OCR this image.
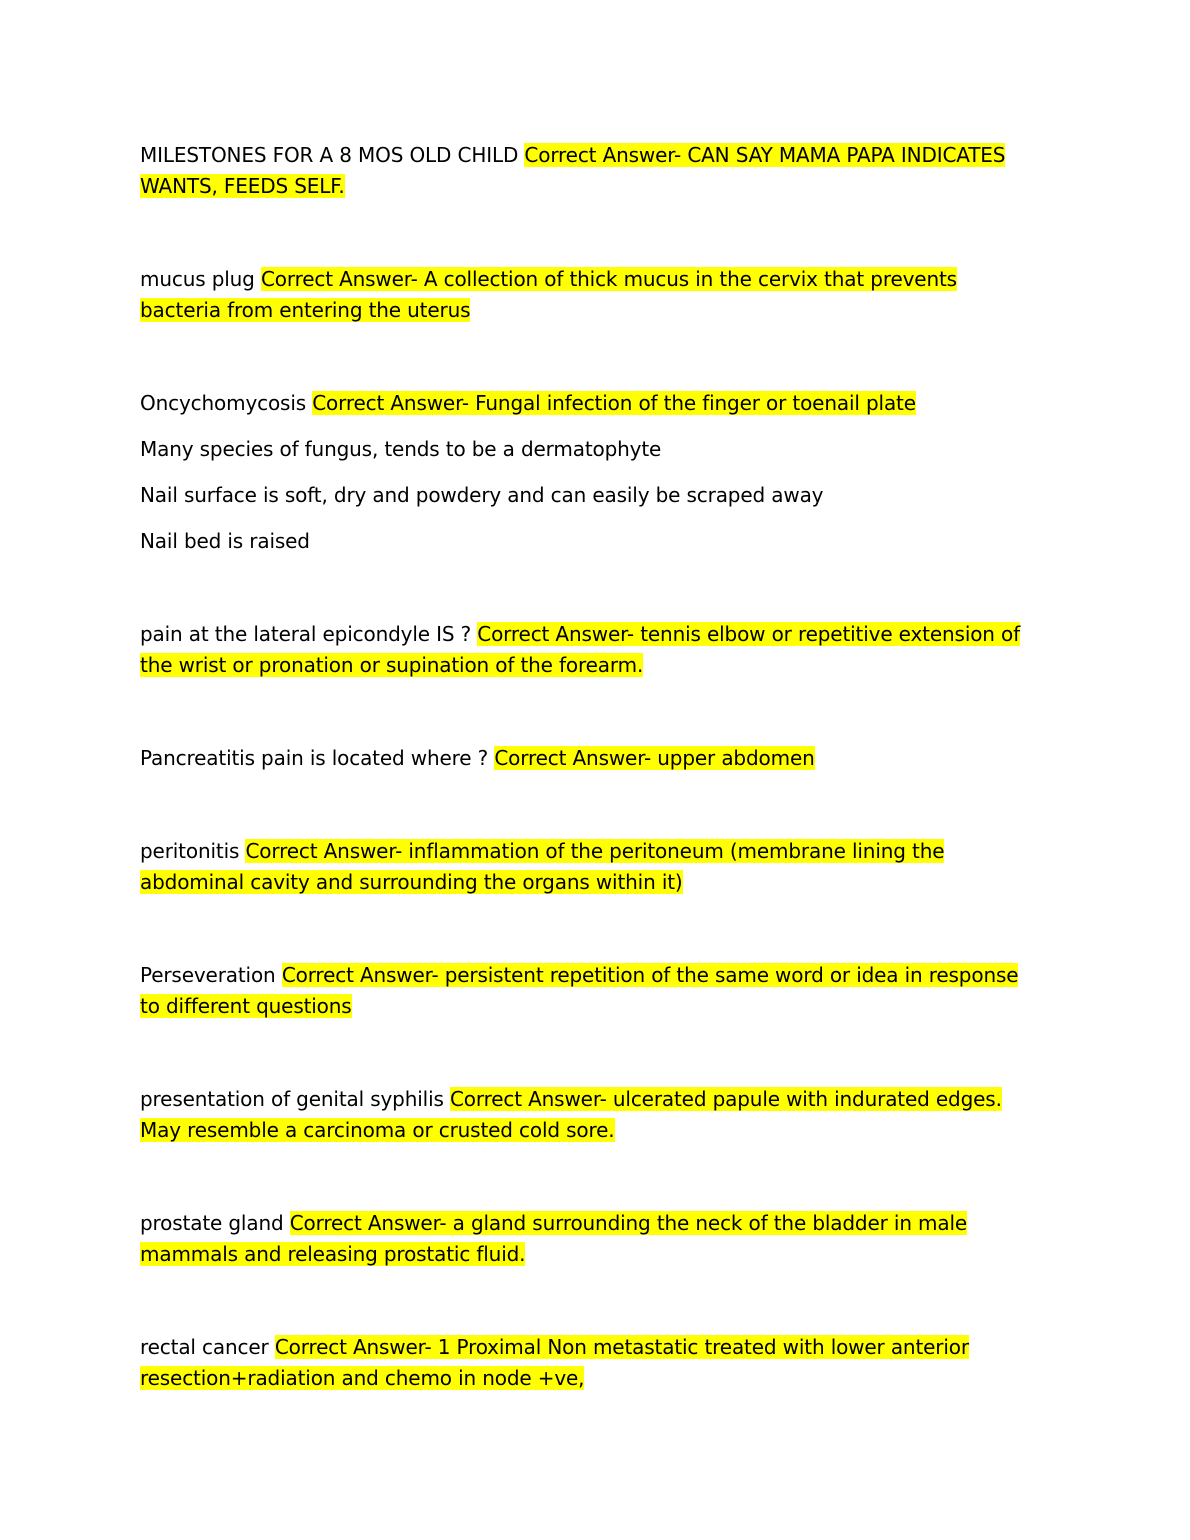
MILESTONES FOR A 8 MOS OLD CHILD Correct Answer- CAN SAY MAMA PAPA INDICATES WANTS, FEEDS SELF.

mucus plug Correct Answer- A collection of thick mucus in the cervix that prevents bacteria from entering the uterus

Oncychomycosis Correct Answer- Fungal infection of the finger or toenail plate

Many species of fungus, tends to be a dermatophyte

Nail surface is soft, dry and powdery and can easily be scraped away

Nail bed is raised

pain at the lateral epicondyle IS ? Correct Answer- tennis elbow or repetitive extension of the wrist or pronation or supination of the forearm.

Pancreatitis pain is located where ? Correct Answer- upper abdomen

peritonitis Correct Answer- inflammation of the peritoneum (membrane lining the abdominal cavity and surrounding the organs within it)

Perseveration Correct Answer- persistent repetition of the same word or idea in response to different questions

presentation of genital syphilis Correct Answer- ulcerated papule with indurated edges. May resemble a carcinoma or crusted cold sore.

prostate gland Correct Answer- a gland surrounding the neck of the bladder in male mammals and releasing prostatic fluid.

rectal cancer Correct Answer- 1 Proximal Non metastatic treated with lower anterior resection+radiation and chemo in node +ve,
